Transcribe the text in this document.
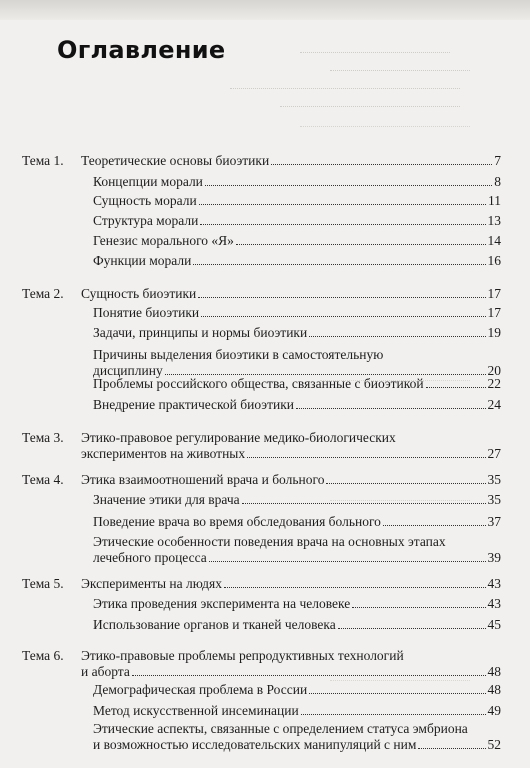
Оглавление
Тема 1. Теоретические основы биоэтики	7
Концепции морали	8
Сущность морали	11
Структура морали	13
Генезис морального «Я»	14
Функции морали	16
Тема 2. Сущность биоэтики	17
Понятие биоэтики	17
Задачи, принципы и нормы биоэтики	19
Причины выделения биоэтики в самостоятельную
дисциплину	20
Проблемы российского общества, связанные с биоэтикой	22
Внедрение практической биоэтики	24
Тема 3. Этико-правовое регулирование медико-биологических
экспериментов на животных	27
Тема 4. Этика взаимоотношений врача и больного	35
Значение этики для врача	35
Поведение врача во время обследования больного	37
Этические особенности поведения врача на основных этапах
лечебного процесса	39
Тема 5. Эксперименты на людях	43
Этика проведения эксперимента на человеке	43
Использование органов и тканей человека	45
Тема 6. Этико-правовые проблемы репродуктивных технологий
и аборта	48
Демографическая проблема в России	48
Метод искусственной инсеминации	49
Этические аспекты, связанные с определением статуса эмбриона
и возможностью исследовательских манипуляций с ним	52
